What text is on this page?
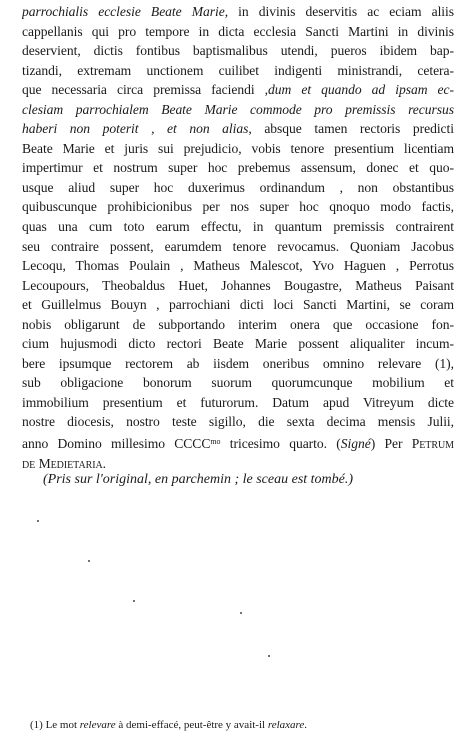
parrochialis ecclesie Beate Marie, in divinis deservitis ac eciam aliis
cappellanis qui pro tempore in dicta ecclesia Sancti Martini in divinis
deservient, dictis fontibus baptismalibus utendi, pueros ibidem bap-
tizandi, extremam unctionem cuilibet indigenti ministrandi, cetera-
que necessaria circa premissa faciendi ,dum et quando ad ipsam ec-
clesiam parrochialem Beate Marie commode pro premissis recursus
haberi non poterit , et non alias, absque tamen rectoris predicti
Beate Marie et juris sui prejudicio, vobis tenore presentium licentiam
impertimur et nostrum super hoc prebemus assensum, donec et quo-
usque aliud super hoc duxerimus ordinandum , non obstantibus
quibuscunque prohibicionibus per nos super hoc qnoquo modo factis,
quas una cum toto earum effectu, in quantum premissis contrairent
seu contraire possent, earumdem tenore revocamus. Quoniam Jacobus
Lecoqu, Thomas Poulain , Matheus Malescot, Yvo Haguen , Perrotus
Lecoupours, Theobaldus Huet, Johannes Bougastre, Matheus Paisant
et Guillelmus Bouyn , parrochiani dicti loci Sancti Martini, se coram
nobis obligarunt de subportando interim onera que occasione fon-
cium hujusmodi dicto rectori Beate Marie possent aliqualiter incum-
bere ipsumque rectorem ab iisdem oneribus omnino relevare (1),
sub obligacione bonorum suorum quorumcunque mobilium et
immobilium presentium et futurorum. Datum apud Vitreyum dicte
nostre diocesis, nostro teste sigillo, die sexta decima mensis Julii,
anno Domino millesimo $CCCC^{mo}$ tricesimo quarto. (Signé) Per Petrum
de Medietaria.
(Pris sur l'original, en parchemin ; le sceau est tombé.)
(1) Le mot relevare à demi-effacé, peut-être y avait-il relaxare.
